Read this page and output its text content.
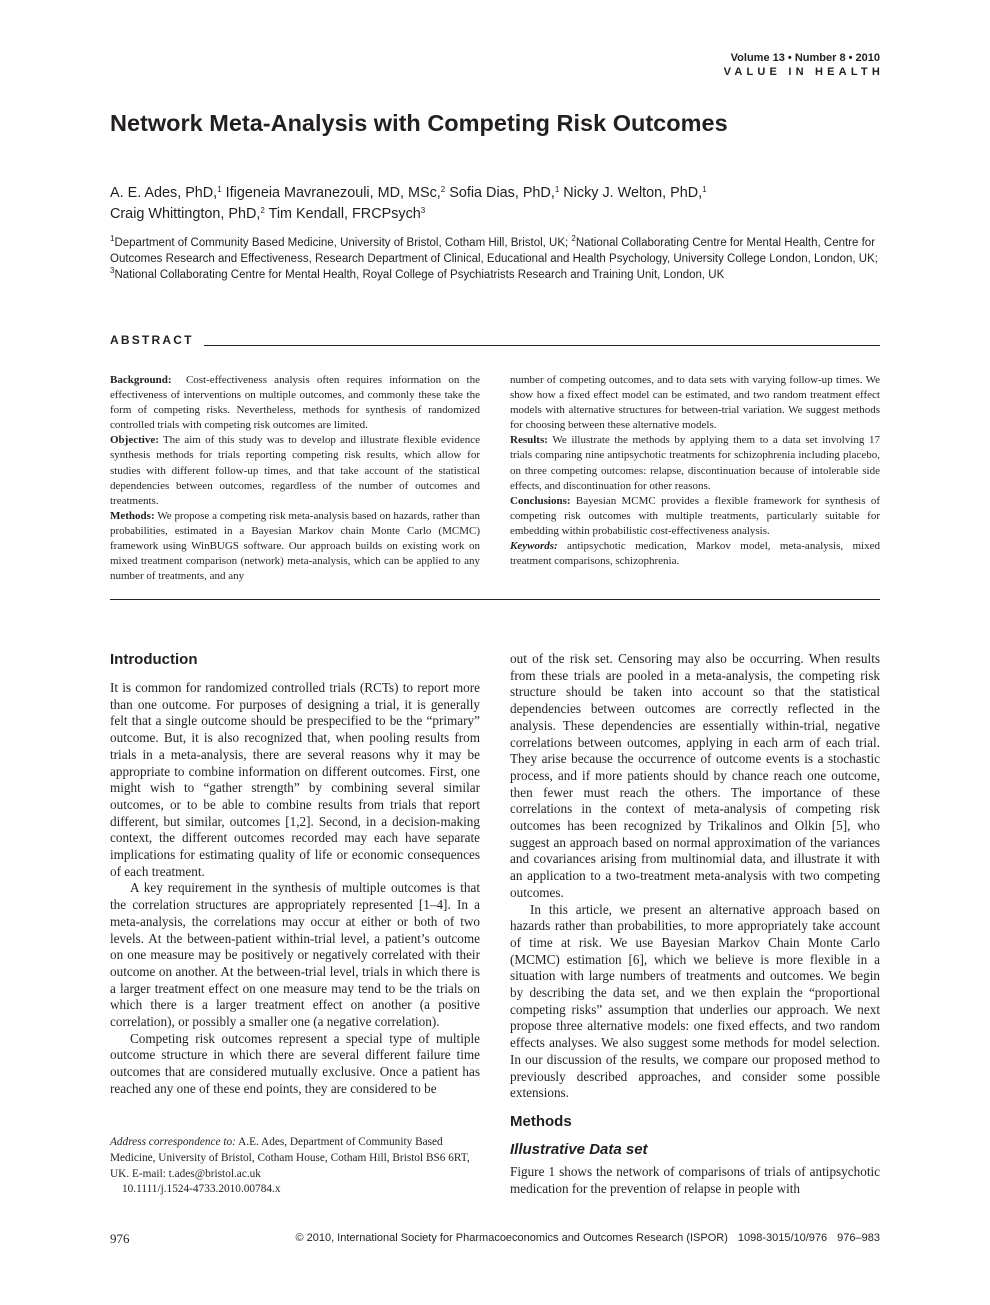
Volume 13 • Number 8 • 2010
VALUE IN HEALTH
Network Meta-Analysis with Competing Risk Outcomes
A. E. Ades, PhD,$^1$ Ifigeneia Mavranezouli, MD, MSc,$^2$ Sofia Dias, PhD,$^1$ Nicky J. Welton, PhD,$^1$
Craig Whittington, PhD,$^2$ Tim Kendall, FRCPsych$^3$
$^1$Department of Community Based Medicine, University of Bristol, Cotham Hill, Bristol, UK; $^2$National Collaborating Centre for Mental Health, Centre for Outcomes Research and Effectiveness, Research Department of Clinical, Educational and Health Psychology, University College London, London, UK; $^3$National Collaborating Centre for Mental Health, Royal College of Psychiatrists Research and Training Unit, London, UK
ABSTRACT

Background: Cost-effectiveness analysis often requires information on the effectiveness of interventions on multiple outcomes, and commonly these take the form of competing risks. Nevertheless, methods for synthesis of randomized controlled trials with competing risk outcomes are limited.

Objective: The aim of this study was to develop and illustrate flexible evidence synthesis methods for trials reporting competing risk results, which allow for studies with different follow-up times, and that take account of the statistical dependencies between outcomes, regardless of the number of outcomes and treatments.

Methods: We propose a competing risk meta-analysis based on hazards, rather than probabilities, estimated in a Bayesian Markov chain Monte Carlo (MCMC) framework using WinBUGS software. Our approach builds on existing work on mixed treatment comparison (network) meta-analysis, which can be applied to any number of treatments, and any

number of competing outcomes, and to data sets with varying follow-up times. We show how a fixed effect model can be estimated, and two random treatment effect models with alternative structures for between-trial variation. We suggest methods for choosing between these alternative models.

Results: We illustrate the methods by applying them to a data set involving 17 trials comparing nine antipsychotic treatments for schizophrenia including placebo, on three competing outcomes: relapse, discontinuation because of intolerable side effects, and discontinuation for other reasons.

Conclusions: Bayesian MCMC provides a flexible framework for synthesis of competing risk outcomes with multiple treatments, particularly suitable for embedding within probabilistic cost-effectiveness analysis.

Keywords: antipsychotic medication, Markov model, meta-analysis, mixed treatment comparisons, schizophrenia.

Introduction

It is common for randomized controlled trials (RCTs) to report more than one outcome. For purposes of designing a trial, it is generally felt that a single outcome should be prespecified to be the “primary” outcome. But, it is also recognized that, when pooling results from trials in a meta-analysis, there are several reasons why it may be appropriate to combine information on different outcomes. First, one might wish to “gather strength” by combining several similar outcomes, or to be able to combine results from trials that report different, but similar, outcomes [1,2]. Second, in a decision-making context, the different outcomes recorded may each have separate implications for estimating quality of life or economic consequences of each treatment.

A key requirement in the synthesis of multiple outcomes is that the correlation structures are appropriately represented [1–4]. In a meta-analysis, the correlations may occur at either or both of two levels. At the between-patient within-trial level, a patient’s outcome on one measure may be positively or negatively correlated with their outcome on another. At the between-trial level, trials in which there is a larger treatment effect on one measure may tend to be the trials on which there is a larger treatment effect on another (a positive correlation), or possibly a smaller one (a negative correlation).

Competing risk outcomes represent a special type of multiple outcome structure in which there are several different failure time outcomes that are considered mutually exclusive. Once a patient has reached any one of these end points, they are considered to be

Address correspondence to: A.E. Ades, Department of Community Based Medicine, University of Bristol, Cotham House, Cotham Hill, Bristol BS6 6RT, UK. E-mail: t.ades@bristol.ac.uk

10.1111/j.1524-4733.2010.00784.x

out of the risk set. Censoring may also be occurring. When results from these trials are pooled in a meta-analysis, the competing risk structure should be taken into account so that the statistical dependencies between outcomes are correctly reflected in the analysis. These dependencies are essentially within-trial, negative correlations between outcomes, applying in each arm of each trial. They arise because the occurrence of outcome events is a stochastic process, and if more patients should by chance reach one outcome, then fewer must reach the others. The importance of these correlations in the context of meta-analysis of competing risk outcomes has been recognized by Trikalinos and Olkin [5], who suggest an approach based on normal approximation of the variances and covariances arising from multinomial data, and illustrate it with an application to a two-treatment meta-analysis with two competing outcomes.

In this article, we present an alternative approach based on hazards rather than probabilities, to more appropriately take account of time at risk. We use Bayesian Markov Chain Monte Carlo (MCMC) estimation [6], which we believe is more flexible in a situation with large numbers of treatments and outcomes. We begin by describing the data set, and we then explain the “proportional competing risks” assumption that underlies our approach. We next propose three alternative models: one fixed effects, and two random effects analyses. We also suggest some methods for model selection. In our discussion of the results, we compare our proposed method to previously described approaches, and consider some possible extensions.

Methods
Illustrative Data set

Figure 1 shows the network of comparisons of trials of antipsychotic medication for the prevention of relapse in people with

976	© 2010, International Society for Pharmacoeconomics and Outcomes Research (ISPOR) 1098-3015/10/976 976–983
